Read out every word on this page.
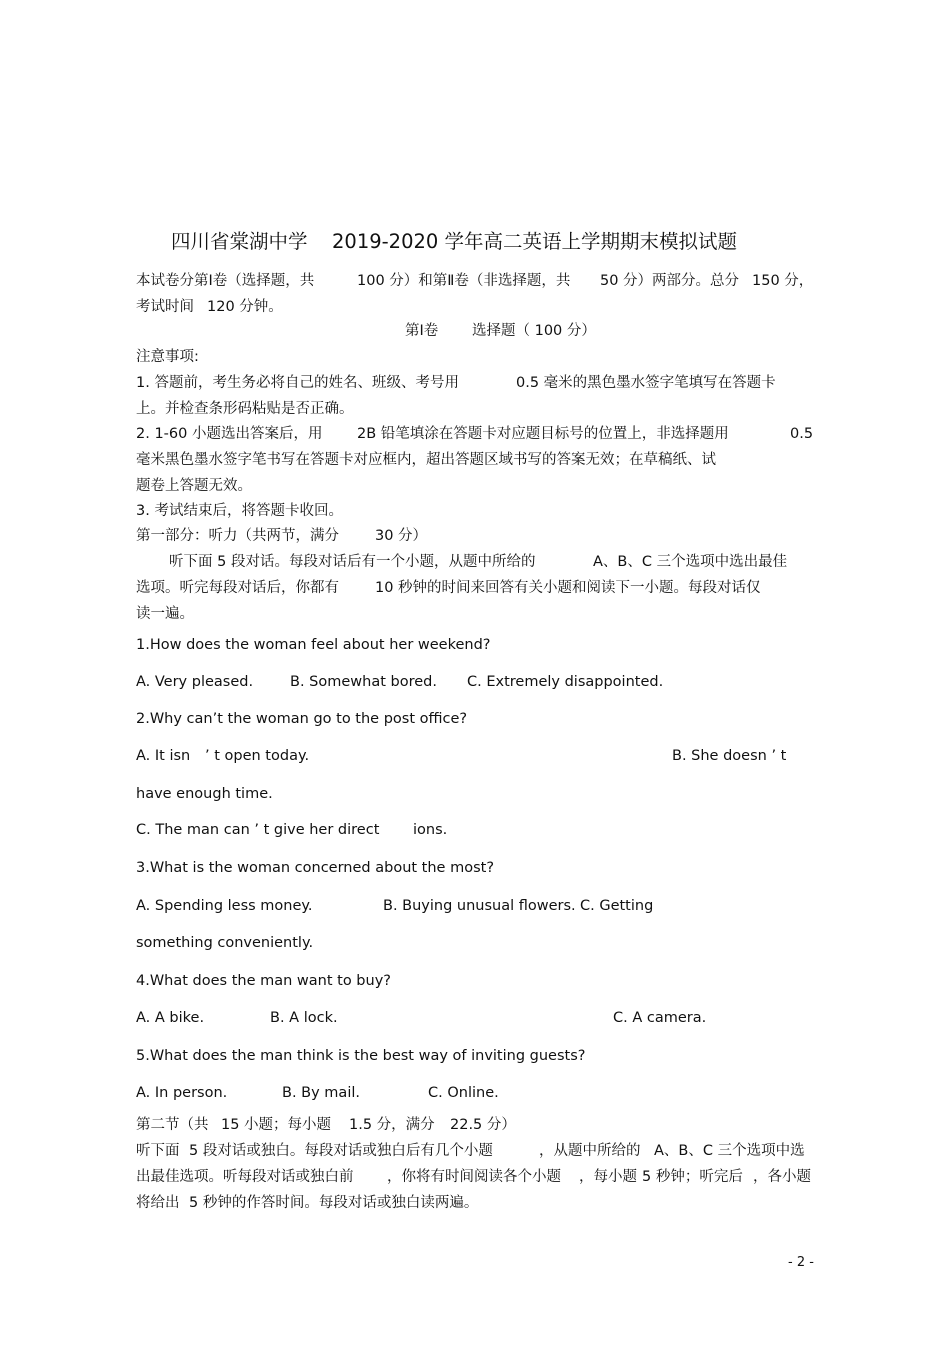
四川省棠湖中学 2019-2020 学年高二英语上学期期末模拟试题
本试卷分第Ⅰ卷（选择题，共	100 分）和第Ⅱ卷（非选择题，共 50 分）两部分。总分 150 分，
考试时间 120 分钟。
第Ⅰ卷 选择题（ 100 分）
注意事项:
1. 答题前，考生务必将自己的姓名、班级、考号用	0.5 毫米的黑色墨水签字笔填写在答题卡
上。并检查条形码粘贴是否正确。
2. 1-60 小题选出答案后，用 2B 铅笔填涂在答题卡对应题目标号的位置上，非选择题用	0.5
毫米黑色墨水签字笔书写在答题卡对应框内，超出答题区域书写的答案无效；在草稿纸、试
题卷上答题无效。
3. 考试结束后，将答题卡收回。
第一部分：听力（共两节，满分 30 分）
听下面 5 段对话。每段对话后有一个小题，从题中所给的	A、B、C 三个选项中选出最佳
选项。听完每段对话后，你都有 10 秒钟的时间来回答有关小题和阅读下一小题。每段对话仅
读一遍。
1.How does the woman feel about her weekend?
A. Very pleased.	B. Somewhat bored. C. Extremely disappointed.
2.Why can’t the woman go to the post office?
A. It isn ’ t open today.	B. She doesn ’ t
have enough time.
C. The man can ’ t give her direct ions.
3.What is the woman concerned about the most?
A. Spending less money.	B. Buying unusual flowers. C. Getting
something conveniently.
4.What does the man want to buy?
A. A bike.	B. A lock.	C. A camera.
5.What does the man think is the best way of inviting guests?
A. In person.	B. By mail.	C. Online.
第二节（共 15 小题；每小题 1.5 分，满分 22.5 分）
听下面 5 段对话或独白。每段对话或独白后有几个小题	，从题中所给的 A、B、C 三个选项中选
出最佳选项。听每段对话或独白前 ，你将有时间阅读各个小题 ，每小题 5 秒钟；听完后 ，各小题
将给出 5 秒钟的作答时间。每段对话或独白读两遍。
- 2 -
